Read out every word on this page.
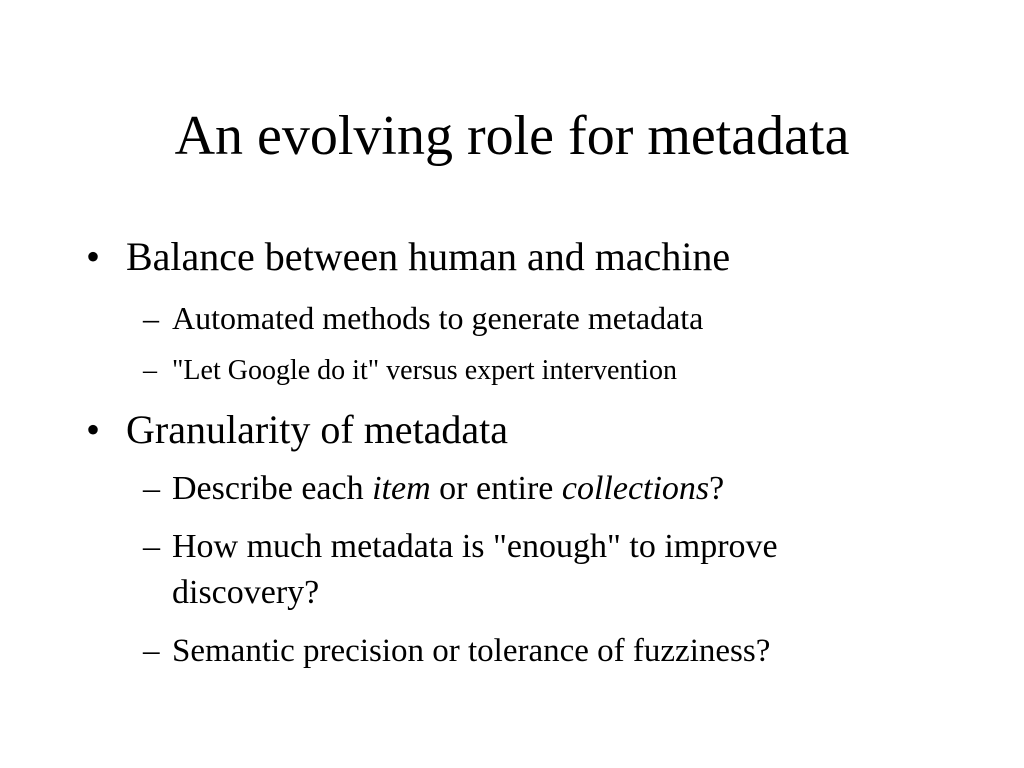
An evolving role for metadata
• Balance between human and machine
– Automated methods to generate metadata
– "Let Google do it" versus expert intervention
• Granularity of metadata
– Describe each item or entire collections?
– How much metadata is "enough" to improve discovery?
– Semantic precision or tolerance of fuzziness?
